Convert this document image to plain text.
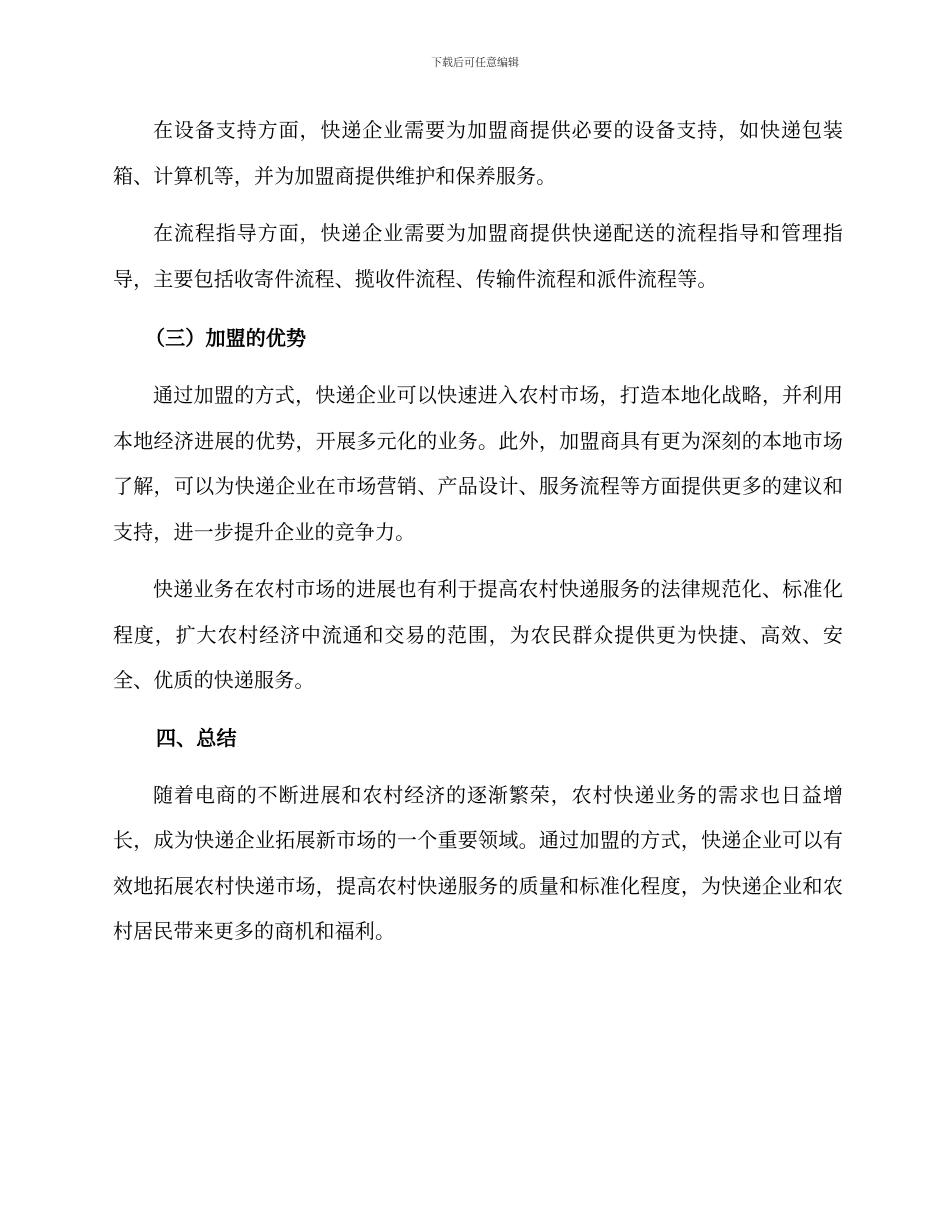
下载后可任意编辑

在设备支持方面，快递企业需要为加盟商提供必要的设备支持，如快递包装箱、计算机等，并为加盟商提供维护和保养服务。

在流程指导方面，快递企业需要为加盟商提供快递配送的流程指导和管理指导，主要包括收寄件流程、揽收件流程、传输件流程和派件流程等。

（三）加盟的优势

通过加盟的方式，快递企业可以快速进入农村市场，打造本地化战略，并利用本地经济进展的优势，开展多元化的业务。此外，加盟商具有更为深刻的本地市场了解，可以为快递企业在市场营销、产品设计、服务流程等方面提供更多的建议和支持，进一步提升企业的竞争力。

快递业务在农村市场的进展也有利于提高农村快递服务的法律规范化、标准化程度，扩大农村经济中流通和交易的范围，为农民群众提供更为快捷、高效、安全、优质的快递服务。

四、总结

随着电商的不断进展和农村经济的逐渐繁荣，农村快递业务的需求也日益增长，成为快递企业拓展新市场的一个重要领域。通过加盟的方式，快递企业可以有效地拓展农村快递市场，提高农村快递服务的质量和标准化程度，为快递企业和农村居民带来更多的商机和福利。
